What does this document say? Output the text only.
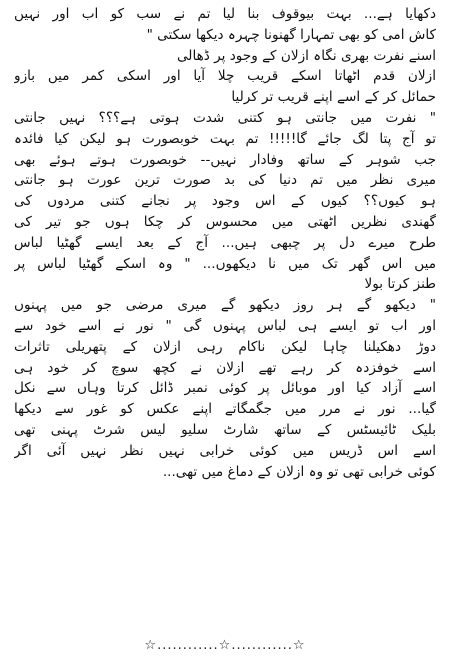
دکھایا ہے... بہت بیوقوف بنا لیا تم نے سب کو اب اور نہیں
کاش امی کو بھی تمہارا گھنونا چہرہ دیکھا سکتی "
اسنے نفرت بھری نگاہ ازلان کے وجود پر ڈھالی
ازلان قدم اٹھاتا اسکے قریب چلا آیا اور اسکی کمر میں بازو
حمائل کر کے اسے اپنے قریب تر کرلیا
" نفرت میں جانتی ہو کتنی شدت ہوتی ہے؟؟؟ نہیں جانتی
تو آج پتا لگ جائے گا!!!!! تم بہت خوبصورت ہو لیکن کیا فائدہ
جب شوہر کے ساتھ وفادار نہیں-- خوبصورت ہوتے ہوئے بھی
میری نظر میں تم دنیا کی بد صورت ترین عورت ہو جانتی
ہو کیوں؟؟ کیوں کے اس وجود پر نجانے کتنی مردوں کی
گھندی نظریں اٹھتی میں محسوس کر چکا ہوں جو تیر کی
طرح میرے دل پر چبھی ہیں... آج کے بعد ایسے گھٹیا لباس
میں اس گھر تک میں نا دیکھوں... " وہ اسکے گھٹیا لباس پر
طنز کرتا بولا
" دیکھو گے ہر روز دیکھو گے میری مرضی جو میں پہنوں
اور اب تو ایسے ہی لباس پہنوں گی " نور نے اسے خود سے
دوڑ دھکیلنا چاہا لیکن ناکام رہی ازلان کے پتھریلی تاثرات
اسے خوفزدہ کر رہے تھے ازلان نے کچھ سوچ کر خود ہی
اسے آزاد کیا اور موبائل پر کوئی نمبر ڈائل کرتا وہاں سے نکل
گیا... نور نے مرر میں جگمگاتے اپنے عکس کو غور سے دیکھا
بلیک ٹائیسٹس کے ساتھ شارٹ سلیو لیس شرٹ پہنی تھی
اسے اس ڈریس میں کوئی خرابی نہیں نظر نہیں آئی اگر
کوئی خرابی تھی تو وہ ازلان کے دماغ میں تھی...
☆............☆............☆
